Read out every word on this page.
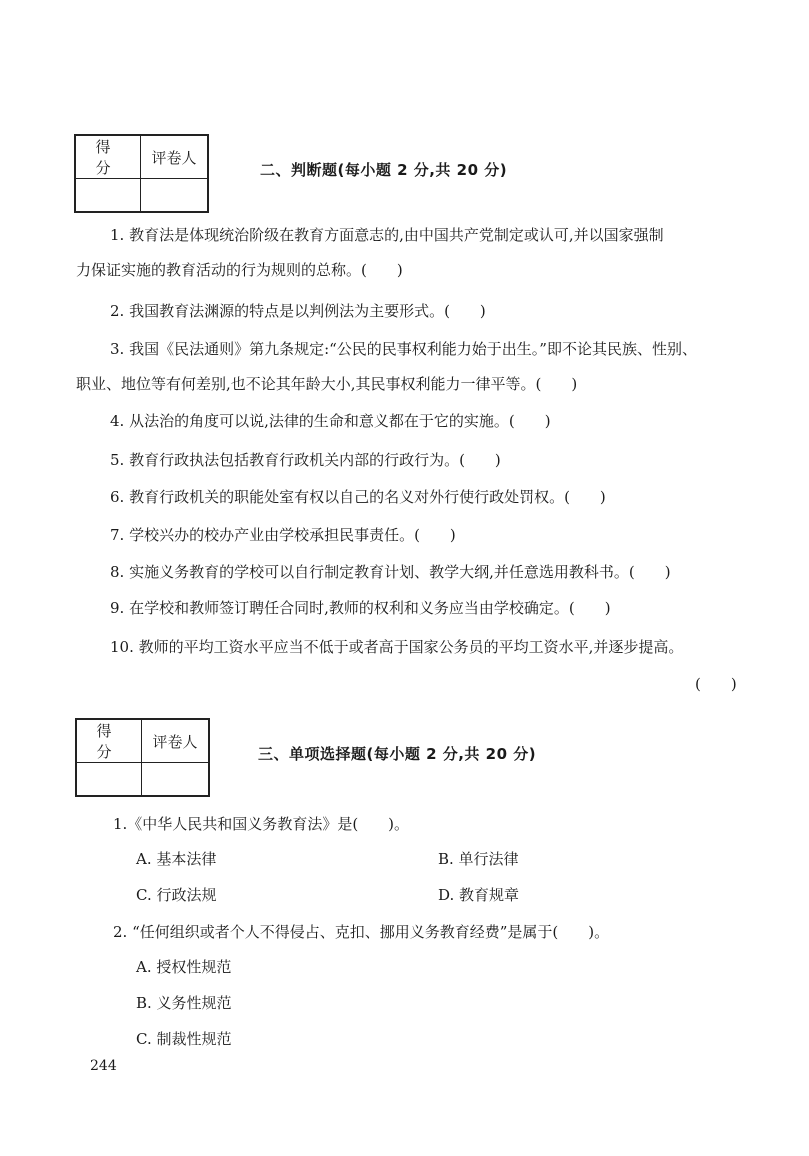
得 分	评卷人

二、判断题(每小题 2 分,共 20 分)
1. 教育法是体现统治阶级在教育方面意志的,由中国共产党制定或认可,并以国家强制
力保证实施的教育活动的行为规则的总称。(　　)
2. 我国教育法渊源的特点是以判例法为主要形式。(　　)
3. 我国《民法通则》第九条规定:“公民的民事权利能力始于出生。”即不论其民族、性别、
职业、地位等有何差别,也不论其年龄大小,其民事权利能力一律平等。(　　)
4. 从法治的角度可以说,法律的生命和意义都在于它的实施。(　　)
5. 教育行政执法包括教育行政机关内部的行政行为。(　　)
6. 教育行政机关的职能处室有权以自己的名义对外行使行政处罚权。(　　)
7. 学校兴办的校办产业由学校承担民事责任。(　　)
8. 实施义务教育的学校可以自行制定教育计划、教学大纲,并任意选用教科书。(　　)
9. 在学校和教师签订聘任合同时,教师的权利和义务应当由学校确定。(　　)
10. 教师的平均工资水平应当不低于或者高于国家公务员的平均工资水平,并逐步提高。
(　　)
得 分	评卷人

三、单项选择题(每小题 2 分,共 20 分)
1.《中华人民共和国义务教育法》是(　　)。
A. 基本法律	B. 单行法律
C. 行政法规	D. 教育规章
2. “任何组织或者个人不得侵占、克扣、挪用义务教育经费”是属于(　　)。
A. 授权性规范
B. 义务性规范
C. 制裁性规范
244
